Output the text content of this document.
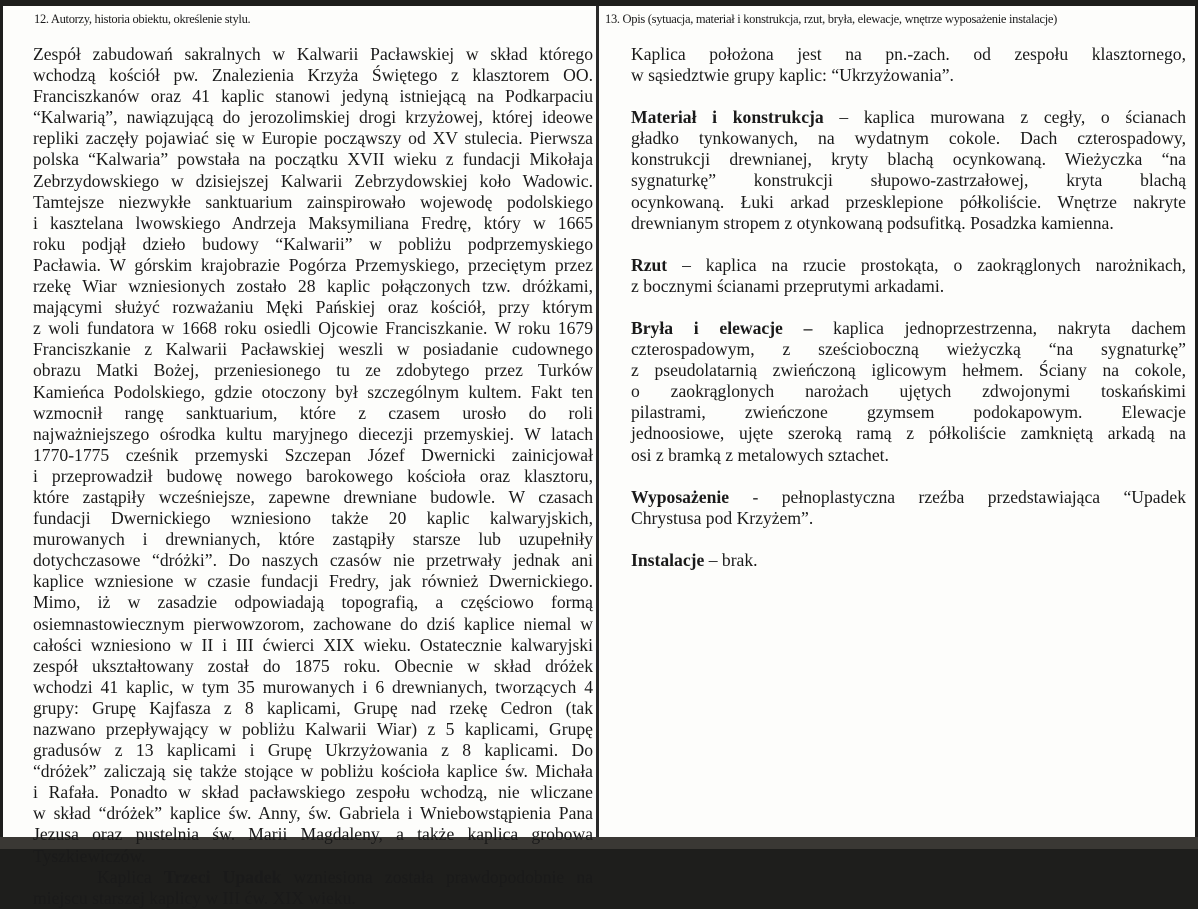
12. Autorzy, historia obiektu, określenie stylu.
Zespół zabudowań sakralnych w Kalwarii Pacławskiej w skład którego
wchodzą kościół pw. Znalezienia Krzyża Świętego z klasztorem OO.
Franciszkanów oraz 41 kaplic stanowi jedyną istniejącą na Podkarpaciu
“Kalwarią”, nawiązującą do jerozolimskiej drogi krzyżowej, której ideowe
repliki zaczęły pojawiać się w Europie począwszy od XV stulecia. Pierwsza
polska “Kalwaria” powstała na początku XVII wieku z fundacji Mikołaja
Zebrzydowskiego w dzisiejszej Kalwarii Zebrzydowskiej koło Wadowic.
Tamtejsze niezwykłe sanktuarium zainspirowało wojewodę podolskiego
i kasztelana lwowskiego Andrzeja Maksymiliana Fredrę, który w 1665
roku podjął dzieło budowy “Kalwarii” w pobliżu podprzemyskiego
Pacławia. W górskim krajobrazie Pogórza Przemyskiego, przeciętym przez
rzekę Wiar wzniesionych zostało 28 kaplic połączonych tzw. dróżkami,
mającymi służyć rozważaniu Męki Pańskiej oraz kościół, przy którym
z woli fundatora w 1668 roku osiedli Ojcowie Franciszkanie. W roku 1679
Franciszkanie z Kalwarii Pacławskiej weszli w posiadanie cudownego
obrazu Matki Bożej, przeniesionego tu ze zdobytego przez Turków
Kamieńca Podolskiego, gdzie otoczony był szczególnym kultem. Fakt ten
wzmocnił rangę sanktuarium, które z czasem urosło do roli
najważniejszego ośrodka kultu maryjnego diecezji przemyskiej. W latach
1770-1775 cześnik przemyski Szczepan Józef Dwernicki zainicjował
i przeprowadził budowę nowego barokowego kościoła oraz klasztoru,
które zastąpiły wcześniejsze, zapewne drewniane budowle. W czasach
fundacji Dwernickiego wzniesiono także 20 kaplic kalwaryjskich,
murowanych i drewnianych, które zastąpiły starsze lub uzupełniły
dotychczasowe “dróżki”. Do naszych czasów nie przetrwały jednak ani
kaplice wzniesione w czasie fundacji Fredry, jak również Dwernickiego.
Mimo, iż w zasadzie odpowiadają topografią, a częściowo formą
osiemnastowiecznym pierwowzorom, zachowane do dziś kaplice niemal w
całości wzniesiono w II i III ćwierci XIX wieku. Ostatecznie kalwaryjski
zespół ukształtowany został do 1875 roku. Obecnie w skład dróżek
wchodzi 41 kaplic, w tym 35 murowanych i 6 drewnianych, tworzących 4
grupy: Grupę Kajfasza z 8 kaplicami, Grupę nad rzekę Cedron (tak
nazwano przepływający w pobliżu Kalwarii Wiar) z 5 kaplicami, Grupę
gradusów z 13 kaplicami i Grupę Ukrzyżowania z 8 kaplicami. Do
“dróżek” zaliczają się także stojące w pobliżu kościoła kaplice św. Michała
i Rafała. Ponadto w skład pacławskiego zespołu wchodzą, nie wliczane
w skład “dróżek” kaplice św. Anny, św. Gabriela i Wniebowstąpienia Pana
Jezusa oraz pustelnia św. Marii Magdaleny, a także kaplica grobowa
Tyszkiewiczów.
Kaplica Trzeci Upadek wzniesiona została prawdopodobnie na
miejscu starszej kaplicy w III ćw. XIX wieku.
13. Opis (sytuacja, materiał i konstrukcja, rzut, bryła, elewacje, wnętrze wyposażenie instalacje)
Kaplica położona jest na pn.-zach. od zespołu klasztornego,
w sąsiedztwie grupy kaplic: “Ukrzyżowania”.
Materiał i konstrukcja – kaplica murowana z cegły, o ścianach
gładko tynkowanych, na wydatnym cokole. Dach czterospadowy,
konstrukcji drewnianej, kryty blachą ocynkowaną. Wieżyczka “na
sygnaturkę” konstrukcji słupowo-zastrzałowej, kryta blachą
ocynkowaną. Łuki arkad przesklepione półkoliście. Wnętrze nakryte
drewnianym stropem z otynkowaną podsufitką. Posadzka kamienna.
Rzut – kaplica na rzucie prostokąta, o zaokrąglonych narożnikach,
z bocznymi ścianami przeprutymi arkadami.
Bryła i elewacje – kaplica jednoprzestrzenna, nakryta dachem
czterospadowym, z sześcioboczną wieżyczką “na sygnaturkę”
z pseudolatarnią zwieńczoną iglicowym hełmem. Ściany na cokole,
o zaokrąglonych narożach ujętych zdwojonymi toskańskimi
pilastrami, zwieńczone gzymsem podokapowym. Elewacje
jednoosiowe, ujęte szeroką ramą z półkoliście zamkniętą arkadą na
osi z bramką z metalowych sztachet.
Wyposażenie - pełnoplastyczna rzeźba przedstawiająca “Upadek
Chrystusa pod Krzyżem”.
Instalacje – brak.
